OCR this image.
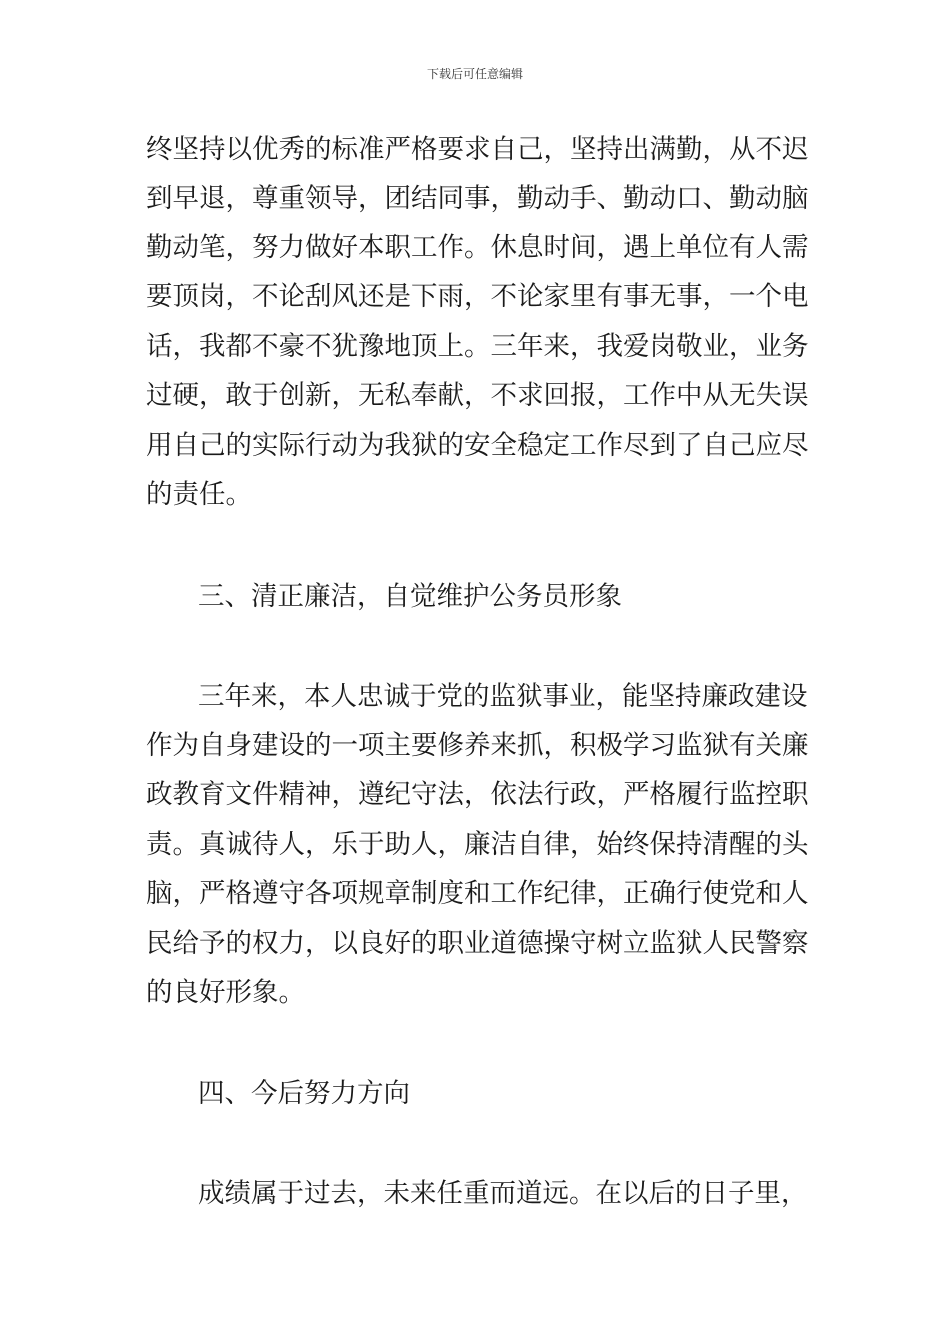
下载后可任意编辑
终坚持以优秀的标准严格要求自己，坚持出满勤，从不迟
到早退，尊重领导，团结同事，勤动手、勤动口、勤动脑
勤动笔，努力做好本职工作。休息时间，遇上单位有人需
要顶岗，不论刮风还是下雨，不论家里有事无事，一个电
话，我都不豪不犹豫地顶上。三年来，我爱岗敬业，业务
过硬，敢于创新，无私奉献，不求回报，工作中从无失误
用自己的实际行动为我狱的安全稳定工作尽到了自己应尽
的责任。
三、清正廉洁，自觉维护公务员形象
三年来，本人忠诚于党的监狱事业，能坚持廉政建设
作为自身建设的一项主要修养来抓，积极学习监狱有关廉
政教育文件精神，遵纪守法，依法行政，严格履行监控职
责。真诚待人，乐于助人，廉洁自律，始终保持清醒的头
脑，严格遵守各项规章制度和工作纪律，正确行使党和人
民给予的权力，以良好的职业道德操守树立监狱人民警察
的良好形象。
四、今后努力方向
成绩属于过去，未来任重而道远。在以后的日子里，
